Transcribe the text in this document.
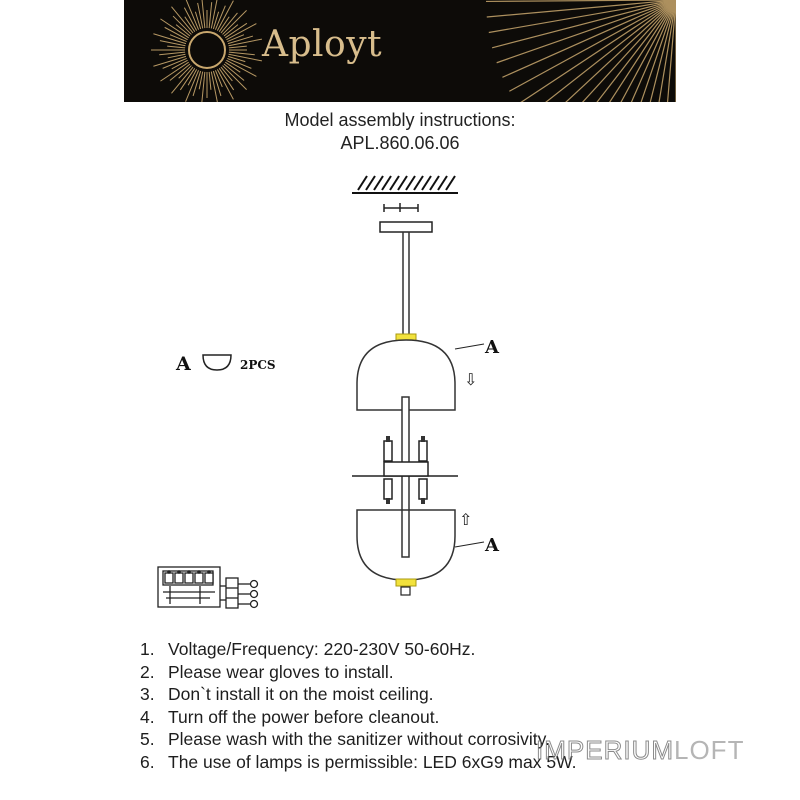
Aployt
Model assembly instructions:
APL.860.06.06
A
A
⇩
⇧
A	2PCS
1. Voltage/Frequency: 220-230V 50-60Hz.
2. Please wear gloves to install.
3. Don`t install it on the moist ceiling.
4. Turn off the power before cleanout.
5. Please wash with the sanitizer without corrosivity.
6. The use of lamps is permissible: LED 6xG9 max 5W.
IMPERIUMLOFT
